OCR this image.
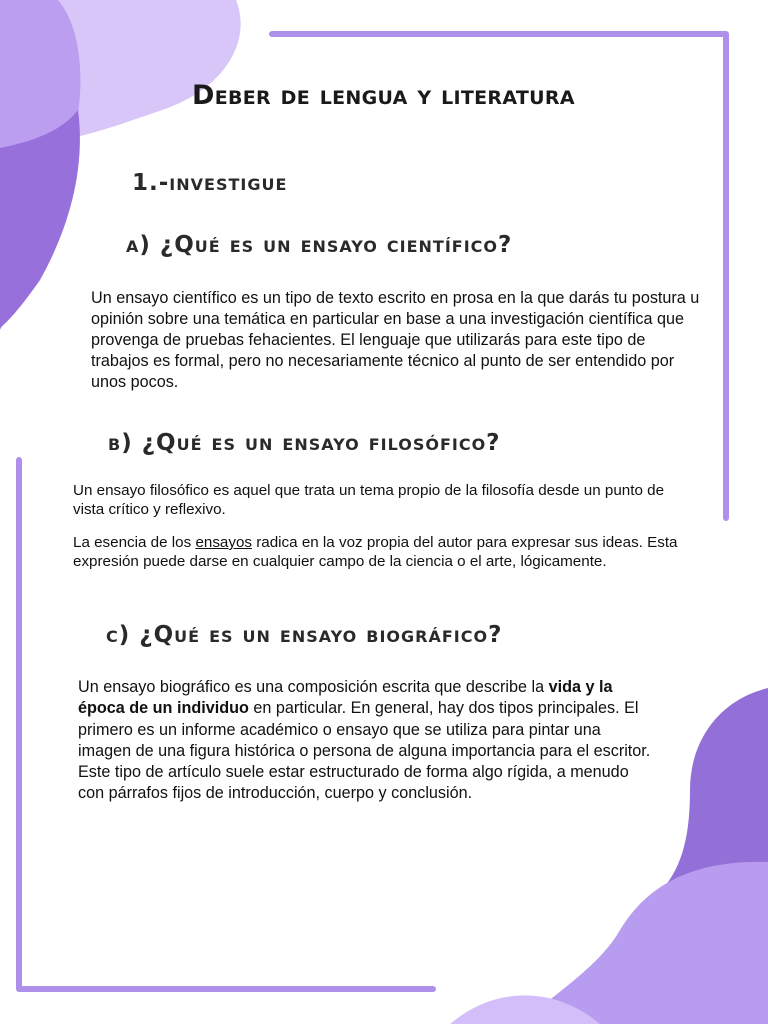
Deber de lengua y literatura
1.-investigue
a) ¿Qué es un ensayo científico?

Un ensayo científico es un tipo de texto escrito en prosa en la que darás tu postura u opinión sobre una temática en particular en base a una investigación científica que provenga de pruebas fehacientes. El lenguaje que utilizarás para este tipo de trabajos es formal, pero no necesariamente técnico al punto de ser entendido por unos pocos.

b) ¿Qué es un ensayo filosófico?

Un ensayo filosófico es aquel que trata un tema propio de la filosofía desde un punto de vista crítico y reflexivo.

La esencia de los ensayos radica en la voz propia del autor para expresar sus ideas. Esta expresión puede darse en cualquier campo de la ciencia o el arte, lógicamente.

c) ¿Qué es un ensayo biográfico?

Un ensayo biográfico es una composición escrita que describe la vida y la época de un individuo en particular. En general, hay dos tipos principales. El primero es un informe académico o ensayo que se utiliza para pintar una imagen de una figura histórica o persona de alguna importancia para el escritor. Este tipo de artículo suele estar estructurado de forma algo rígida, a menudo con párrafos fijos de introducción, cuerpo y conclusión.
